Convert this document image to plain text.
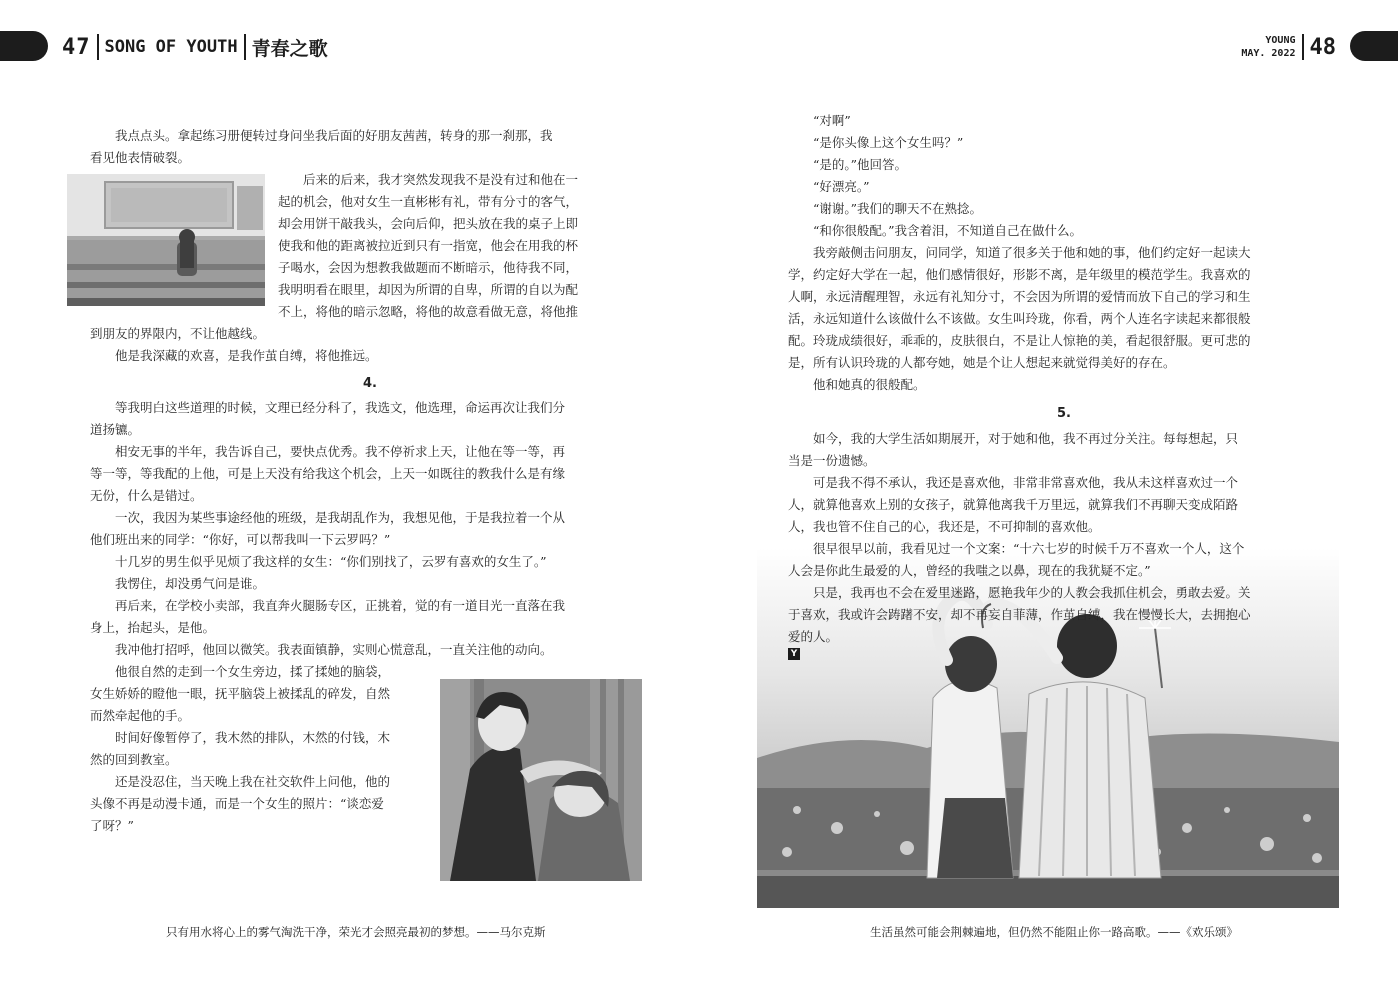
47 SONG OF YOUTH 青春之歌	YOUNG
MAY. 2022 48
我点点头。拿起练习册便转过身问坐我后面的好朋友茜茜，转身的那一刹那，我
看见他表情破裂。
后来的后来，我才突然发现我不是没有过和他在一
起的机会，他对女生一直彬彬有礼，带有分寸的客气，
却会用饼干敲我头，会向后仰，把头放在我的桌子上即
使我和他的距离被拉近到只有一指宽，他会在用我的杯
子喝水，会因为想教我做题而不断暗示，他待我不同，
我明明看在眼里，却因为所谓的自卑，所谓的自以为配
不上，将他的暗示忽略，将他的故意看做无意，将他推
到朋友的界限内，不让他越线。
他是我深藏的欢喜，是我作茧自缚，将他推远。
4.
等我明白这些道理的时候，文理已经分科了，我选文，他选理，命运再次让我们分
道扬镳。
相安无事的半年，我告诉自己，要快点优秀。我不停祈求上天，让他在等一等，再
等一等，等我配的上他，可是上天没有给我这个机会，上天一如既往的教我什么是有缘
无份，什么是错过。
一次，我因为某些事途经他的班级，是我胡乱作为，我想见他，于是我拉着一个从
他们班出来的同学：“你好，可以帮我叫一下云罗吗？”
十几岁的男生似乎见烦了我这样的女生：“你们别找了，云罗有喜欢的女生了。”
我愣住，却没勇气问是谁。
再后来，在学校小卖部，我直奔火腿肠专区，正挑着，觉的有一道目光一直落在我
身上，抬起头，是他。
我冲他打招呼，他回以微笑。我表面镇静，实则心慌意乱，一直关注他的动向。
他很自然的走到一个女生旁边，揉了揉她的脑袋，
女生娇娇的瞪他一眼，抚平脑袋上被揉乱的碎发，自然
而然牵起他的手。
时间好像暂停了，我木然的排队，木然的付钱，木
然的回到教室。
还是没忍住，当天晚上我在社交软件上问他，他的
头像不再是动漫卡通，而是一个女生的照片：“谈恋爱
了呀？”
只有用水将心上的雾气淘洗干净，荣光才会照亮最初的梦想。——马尔克斯
“对啊”
“是你头像上这个女生吗？”
“是的。”他回答。
“好漂亮。”
“谢谢。”我们的聊天不在熟捻。
“和你很般配。”我含着泪，不知道自己在做什么。
我旁敲侧击问朋友，问同学，知道了很多关于他和她的事，他们约定好一起读大
学，约定好大学在一起，他们感情很好，形影不离，是年级里的模范学生。我喜欢的
人啊，永远清醒理智，永远有礼知分寸，不会因为所谓的爱情而放下自己的学习和生
活，永远知道什么该做什么不该做。女生叫玲珑，你看，两个人连名字读起来都很般
配。玲珑成绩很好，乖乖的，皮肤很白，不是让人惊艳的美，看起很舒服。更可悲的
是，所有认识玲珑的人都夸她，她是个让人想起来就觉得美好的存在。
他和她真的很般配。
5.
如今，我的大学生活如期展开，对于她和他，我不再过分关注。每每想起，只
当是一份遗憾。
可是我不得不承认，我还是喜欢他，非常非常喜欢他，我从未这样喜欢过一个
人，就算他喜欢上别的女孩子，就算他离我千万里远，就算我们不再聊天变成陌路
人，我也管不住自己的心，我还是，不可抑制的喜欢他。
很早很早以前，我看见过一个文案：“十六七岁的时候千万不喜欢一个人，这个
人会是你此生最爱的人，曾经的我嗤之以鼻，现在的我犹疑不定。”
只是，我再也不会在爱里迷路，愿艳我年少的人教会我抓住机会，勇敢去爱。关
于喜欢，我或许会踌躇不安，却不再妄自菲薄，作茧自缚，我在慢慢长大，去拥抱心
爱的人。
Y
生活虽然可能会荆棘遍地，但仍然不能阻止你一路高歌。——《欢乐颂》
